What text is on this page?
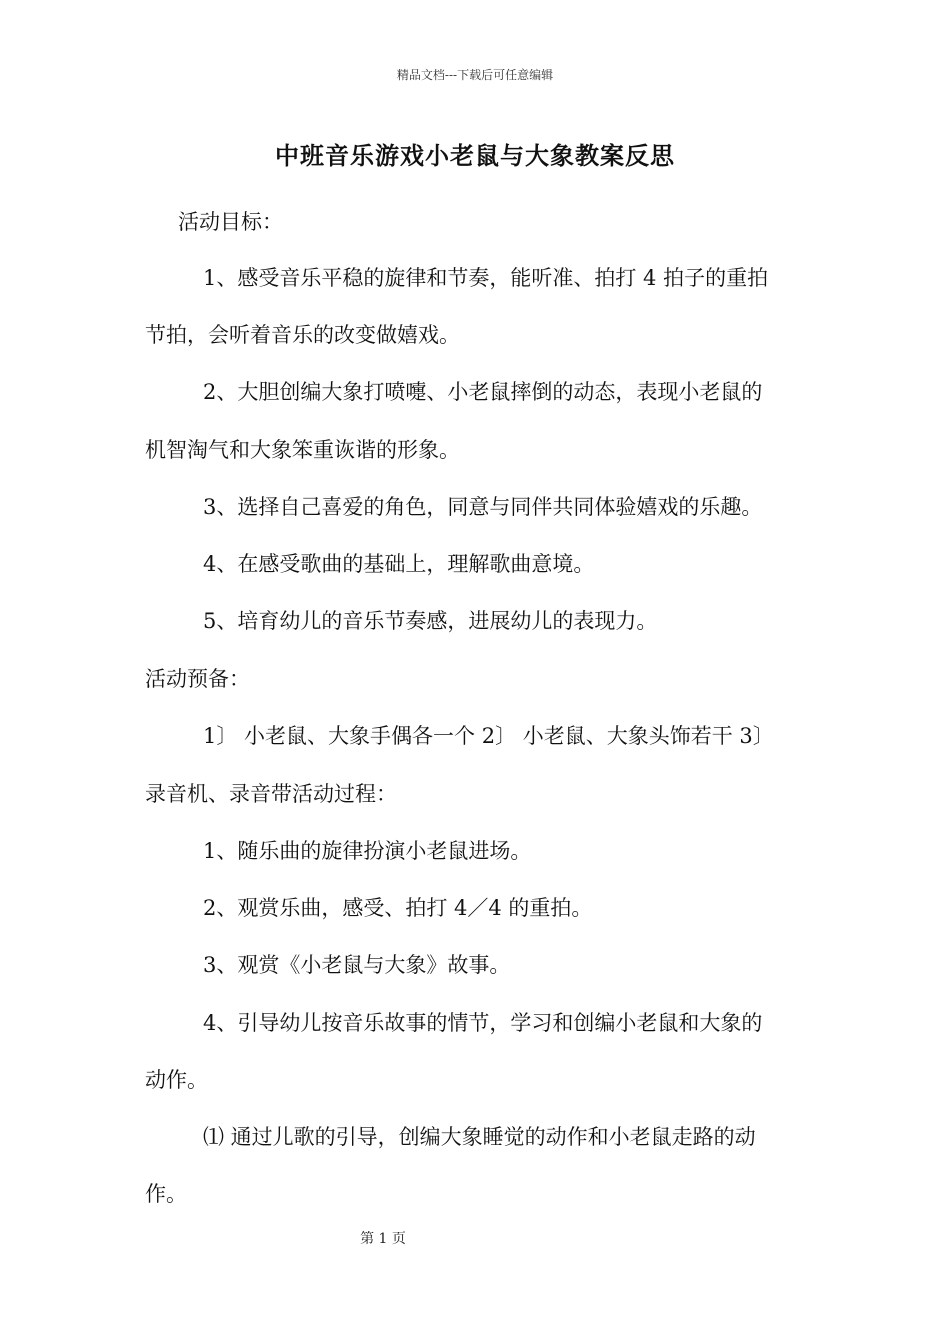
精品文档---下载后可任意编辑
中班音乐游戏小老鼠与大象教案反思
活动目标：
1、感受音乐平稳的旋律和节奏，能听准、拍打 4 拍子的重拍
节拍，会听着音乐的改变做嬉戏。
2、大胆创编大象打喷嚏、小老鼠摔倒的动态，表现小老鼠的
机智淘气和大象笨重诙谐的形象。
3、选择自己喜爱的角色，同意与同伴共同体验嬉戏的乐趣。
4、在感受歌曲的基础上，理解歌曲意境。
5、培育幼儿的音乐节奏感，进展幼儿的表现力。
活动预备：
1〕 小老鼠、大象手偶各一个 2〕 小老鼠、大象头饰若干 3〕
录音机、录音带活动过程：
1、随乐曲的旋律扮演小老鼠进场。
2、观赏乐曲，感受、拍打 4／4 的重拍。
3、观赏《小老鼠与大象》故事。
4、引导幼儿按音乐故事的情节，学习和创编小老鼠和大象的
动作。
⑴ 通过儿歌的引导，创编大象睡觉的动作和小老鼠走路的动
作。
第 1 页
